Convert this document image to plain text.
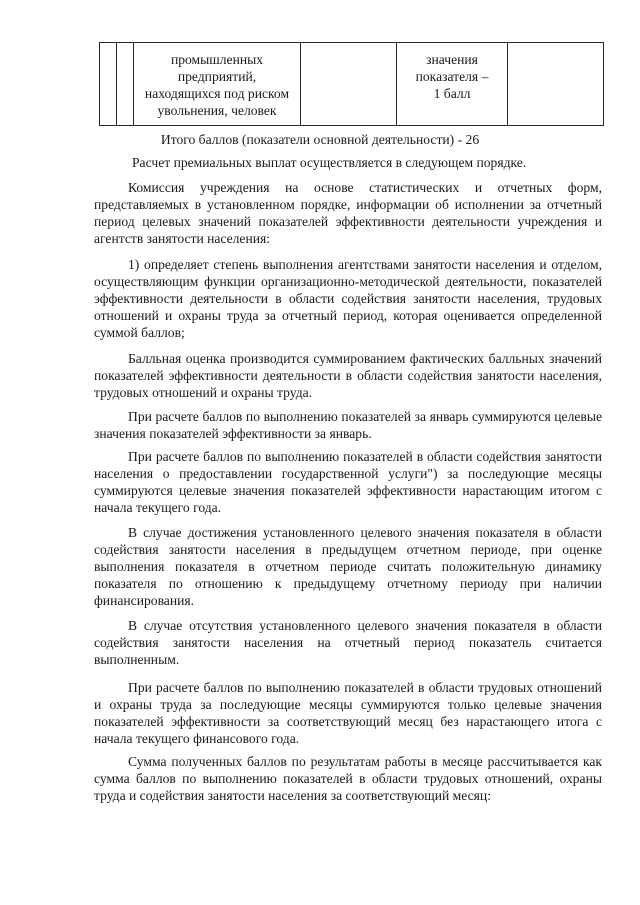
		промышленных
предприятий,
находящихся под риском
увольнения, человек		значения
показателя –
1 балл	
Итого баллов (показатели основной деятельности) - 26
Расчет премиальных выплат осуществляется в следующем порядке.

Комиссия учреждения на основе статистических и отчетных форм, представляемых в установленном порядке, информации об исполнении за отчетный период целевых значений показателей эффективности деятельности учреждения и агентств занятости населения:

1) определяет степень выполнения агентствами занятости населения и отделом, осуществляющим функции организационно-методической деятельности, показателей эффективности деятельности в области содействия занятости населения, трудовых отношений и охраны труда за отчетный период, которая оценивается определенной суммой баллов;

Балльная оценка производится суммированием фактических балльных значений показателей эффективности деятельности в области содействия занятости населения, трудовых отношений и охраны труда.

При расчете баллов по выполнению показателей за январь суммируются целевые значения показателей эффективности за январь.

При расчете баллов по выполнению показателей в области содействия занятости населения о предоставлении государственной услуги") за последующие месяцы суммируются целевые значения показателей эффективности нарастающим итогом с начала текущего года.

В случае достижения установленного целевого значения показателя в области содействия занятости населения в предыдущем отчетном периоде, при оценке выполнения показателя в отчетном периоде считать положительную динамику показателя по отношению к предыдущему отчетному периоду при наличии финансирования.

В случае отсутствия установленного целевого значения показателя в области содействия занятости населения на отчетный период показатель считается выполненным.

При расчете баллов по выполнению показателей в области трудовых отношений и охраны труда за последующие месяцы суммируются только целевые значения показателей эффективности за соответствующий месяц без нарастающего итога с начала текущего финансового года.

Сумма полученных баллов по результатам работы в месяце рассчитывается как сумма баллов по выполнению показателей в области трудовых отношений, охраны труда и содействия занятости населения за соответствующий месяц:
